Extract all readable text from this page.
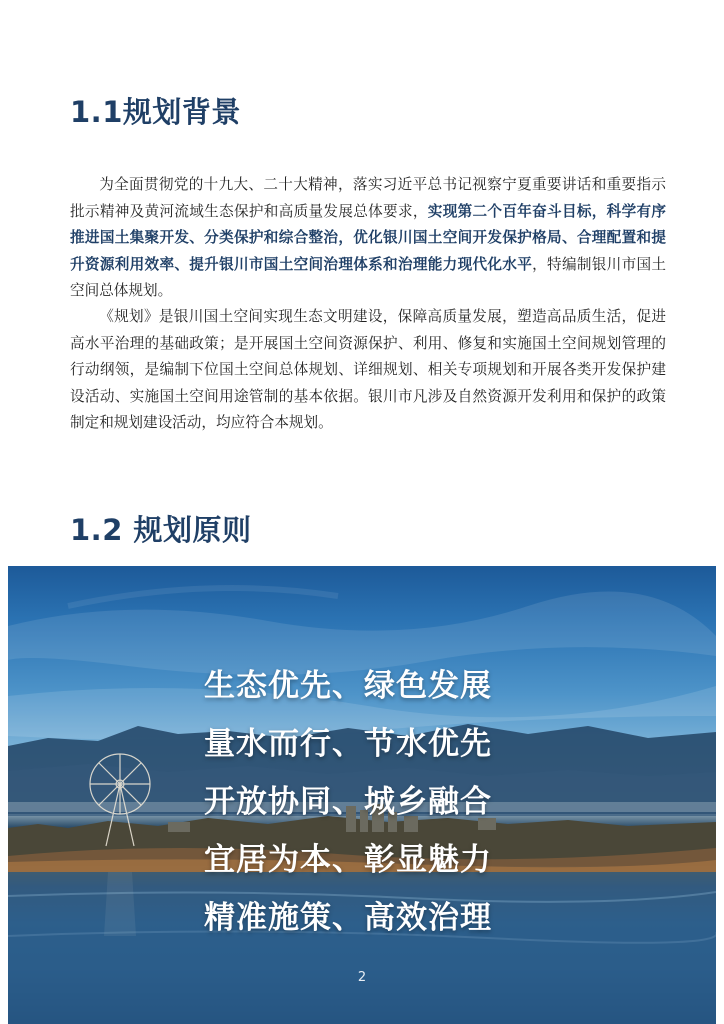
1.1规划背景

为全面贯彻党的十九大、二十大精神，落实习近平总书记视察宁夏重要讲话和重要指示批示精神及黄河流域生态保护和高质量发展总体要求，实现第二个百年奋斗目标，科学有序推进国土集聚开发、分类保护和综合整治，优化银川国土空间开发保护格局、合理配置和提升资源利用效率、提升银川市国土空间治理体系和治理能力现代化水平，特编制银川市国土空间总体规划。

《规划》是银川国土空间实现生态文明建设，保障高质量发展，塑造高品质生活，促进高水平治理的基础政策；是开展国土空间资源保护、利用、修复和实施国土空间规划管理的行动纲领，是编制下位国土空间总体规划、详细规划、相关专项规划和开展各类开发保护建设活动、实施国土空间用途管制的基本依据。银川市凡涉及自然资源开发利用和保护的政策制定和规划建设活动，均应符合本规划。

1.2 规划原则
生态优先、绿色发展
量水而行、节水优先
开放协同、城乡融合
宜居为本、彰显魅力
精准施策、高效治理
2
